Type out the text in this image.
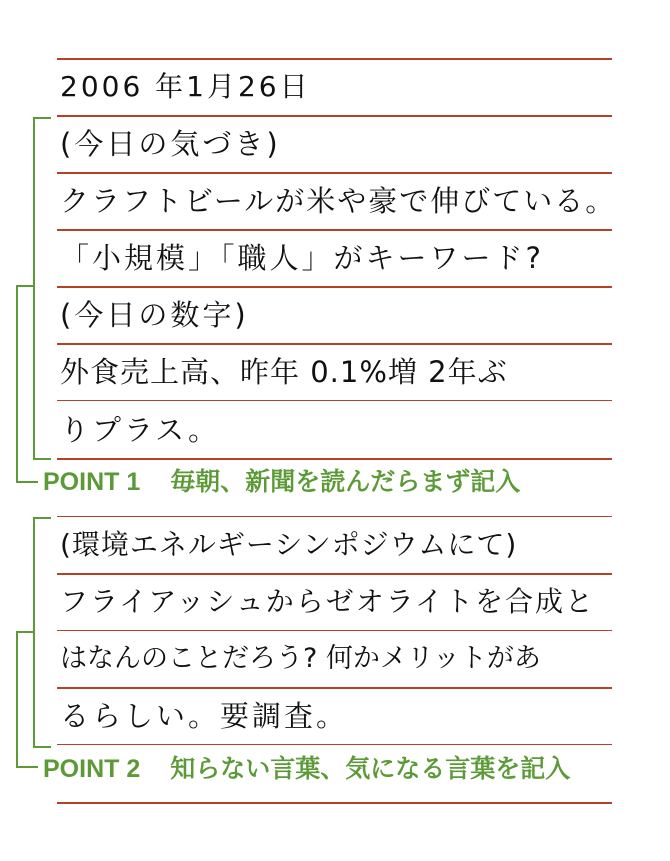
2006 年1月26日
(今日の気づき)
クラフトビールが米や豪で伸びている。
「小規模」「職人」がキーワード?
(今日の数字)
外食売上高、昨年 0.1%増 2年ぶ
りプラス。
(環境エネルギーシンポジウムにて)
フライアッシュからゼオライトを合成と
はなんのことだろう? 何かメリットがあ
るらしい。要調査。
POINT 1 毎朝、新聞を読んだらまず記入
POINT 2 知らない言葉、気になる言葉を記入
